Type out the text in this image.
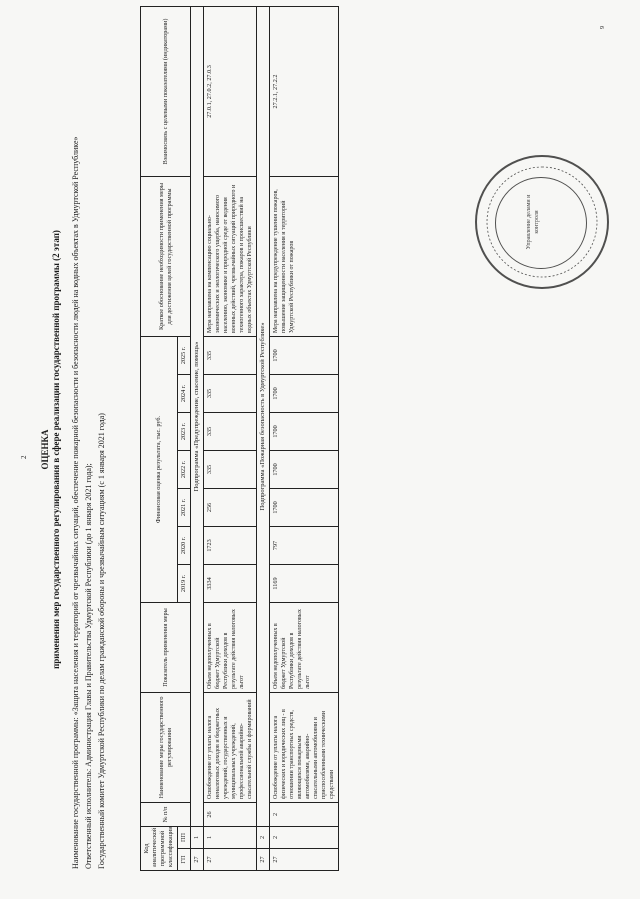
2 ОЦЕНКА применения мер государственного регулирования в сфере реализации государственной программы (2 этап) Наименование государственной программы: «Защита населения и территорий от чрезвычайных ситуаций, обеспечение пожарной безопасности и безопасности людей на водных объектах в Удмуртской Республике» Ответственный исполнитель: Администрация Главы и Правительства Удмуртской Республики (до 1 января 2021 года); Государственный комитет Удмуртской Республики по делам гражданской обороны и чрезвычайным ситуациям (с 1 января 2021 года)	Код аналитической программной классификации		№ п/п	Наименование меры государственного регулирования	Показатель применения меры	Финансовая оценка результата, тыс. руб.							Краткое обоснование необходимости применения меры для достижения целей государственной программы	Взаимосвязь с целевыми показателями (индикаторами)
ГП	ПП				2019 г.	2020 г.	2021 г.	2022 г.	2023 г.	2024 г.	2025 г.		
27	1	Подпрограмма «Предупреждение, спасение, помощь»											
27	1	26	Освобождение от уплаты налога неналоговых доходов и бюджетных учреждений, государственных и муниципальных учреждений, профессиональной аварийно-спасательной службы и формирований	Объем недополученных в бюджет Удмуртской Республики доходов в результате действия налоговых льгот	3334	1723	256	335	335	335	335	Мера направлена на компенсацию социально-экономических и экологического ущерба, наносимого населению, экономике и природной среде от ведения военных действий, чрезвычайных ситуаций природного и техногенного характера, пожаров и происшествий на водных объектах Удмуртской Республики	27.0.1, 27.0.2, 27.0.3
27	2	Подпрограмма «Пожарная безопасность в Удмуртской Республике»											
27	2	2	Освобождение от уплаты налога физических и юридических лиц - в отношении транспортных средств, являющихся пожарными автомобилями, аварийно-спасательными автомобилями и приспособленными техническими средствами	Объем недополученных в бюджет Удмуртской Республики доходов в результате действия налоговых льгот	1169	797	1700	1700	1700	1700	1700	Мера направлена на предупреждение тушения пожаров, повышение защищенности населения и территорий Удмуртской Республики от пожаров	27.2.1, 27.2.2
Управление делами и контроля
9
